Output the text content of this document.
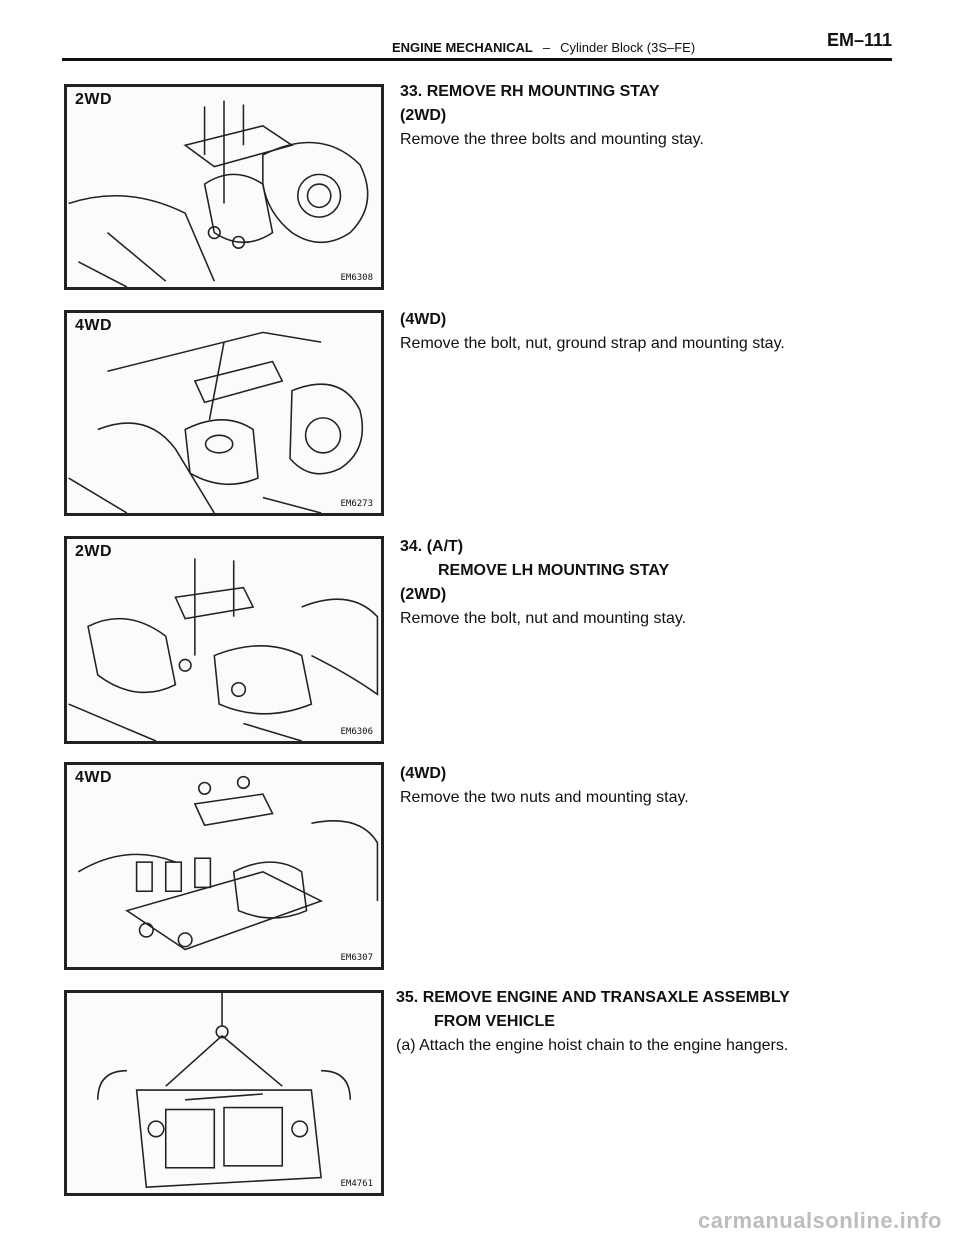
ENGINE MECHANICAL – Cylinder Block (3S–FE)	EM–111
2WD
EM6308
4WD
EM6273
2WD
EM6306
4WD
EM6307
EM4761
33. REMOVE RH MOUNTING STAY
(2WD)
Remove the three bolts and mounting stay.
(4WD)
Remove the bolt, nut, ground strap and mounting stay.
34. (A/T)
REMOVE LH MOUNTING STAY
(2WD)
Remove the bolt, nut and mounting stay.
(4WD)
Remove the two nuts and mounting stay.
35. REMOVE ENGINE AND TRANSAXLE ASSEMBLY
FROM VEHICLE
(a) Attach the engine hoist chain to the engine hangers.
carmanualsonline.info
